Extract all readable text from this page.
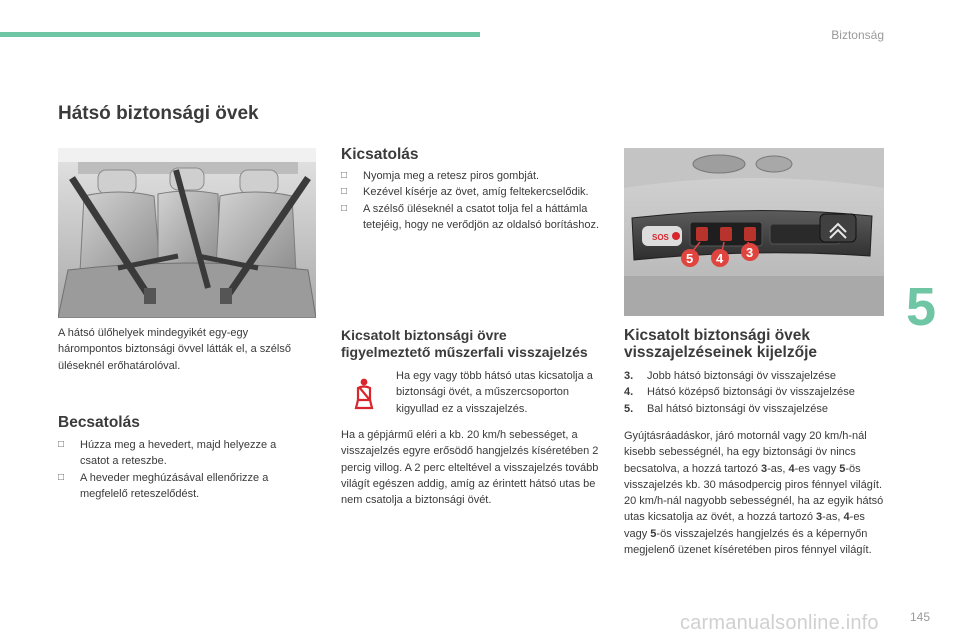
Biztonság
5
Hátsó biztonsági övek

A hátsó ülőhelyek mindegyikét egy-egy hárompontos biztonsági övvel látták el, a szélső üléseknél erőhatárolóval.

Becsatolás
□ Húzza meg a hevedert, majd helyezze a csatot a reteszbe.
□ A heveder meghúzásával ellenőrizze a megfelelő reteszelődést.
Kicsatolás
□ Nyomja meg a retesz piros gombját.
□ Kezével kísérje az övet, amíg feltekercselődik.
□ A szélső üléseknél a csatot tolja fel a háttámla tetejéig, hogy ne verődjön az oldalsó borításhoz.
Kicsatolt biztonsági övre
figyelmeztető műszerfali visszajelzés

Ha egy vagy több hátsó utas kicsatolja a biztonsági övét, a műszercsoporton kigyullad ez a visszajelzés.

Ha a gépjármű eléri a kb. 20 km/h sebességet, a visszajelzés egyre erősödő hangjelzés kíséretében 2 percig villog. A 2 perc elteltével a visszajelzés tovább világít egészen addig, amíg az érintett hátsó utas be nem csatolja a biztonsági övét.

SOS
5 4 3
Kicsatolt biztonsági övek
visszajelzéseinek kijelzője
3.	Jobb hátsó biztonsági öv visszajelzése
4.	Hátsó középső biztonsági öv visszajelzése
5.	Bal hátsó biztonsági öv visszajelzése

Gyújtásráadáskor, járó motornál vagy 20 km/h-nál kisebb sebességnél, ha egy biztonsági öv nincs becsatolva, a hozzá tartozó 3-as, 4-es vagy 5-ös visszajelzés kb. 30 másodpercig piros fénnyel világít.
20 km/h-nál nagyobb sebességnél, ha az egyik hátsó utas kicsatolja az övét, a hozzá tartozó 3-as, 4-es vagy 5-ös visszajelzés hangjelzés és a képernyőn megjelenő üzenet kíséretében piros fénnyel világít.

carmanualsonline.info	145
